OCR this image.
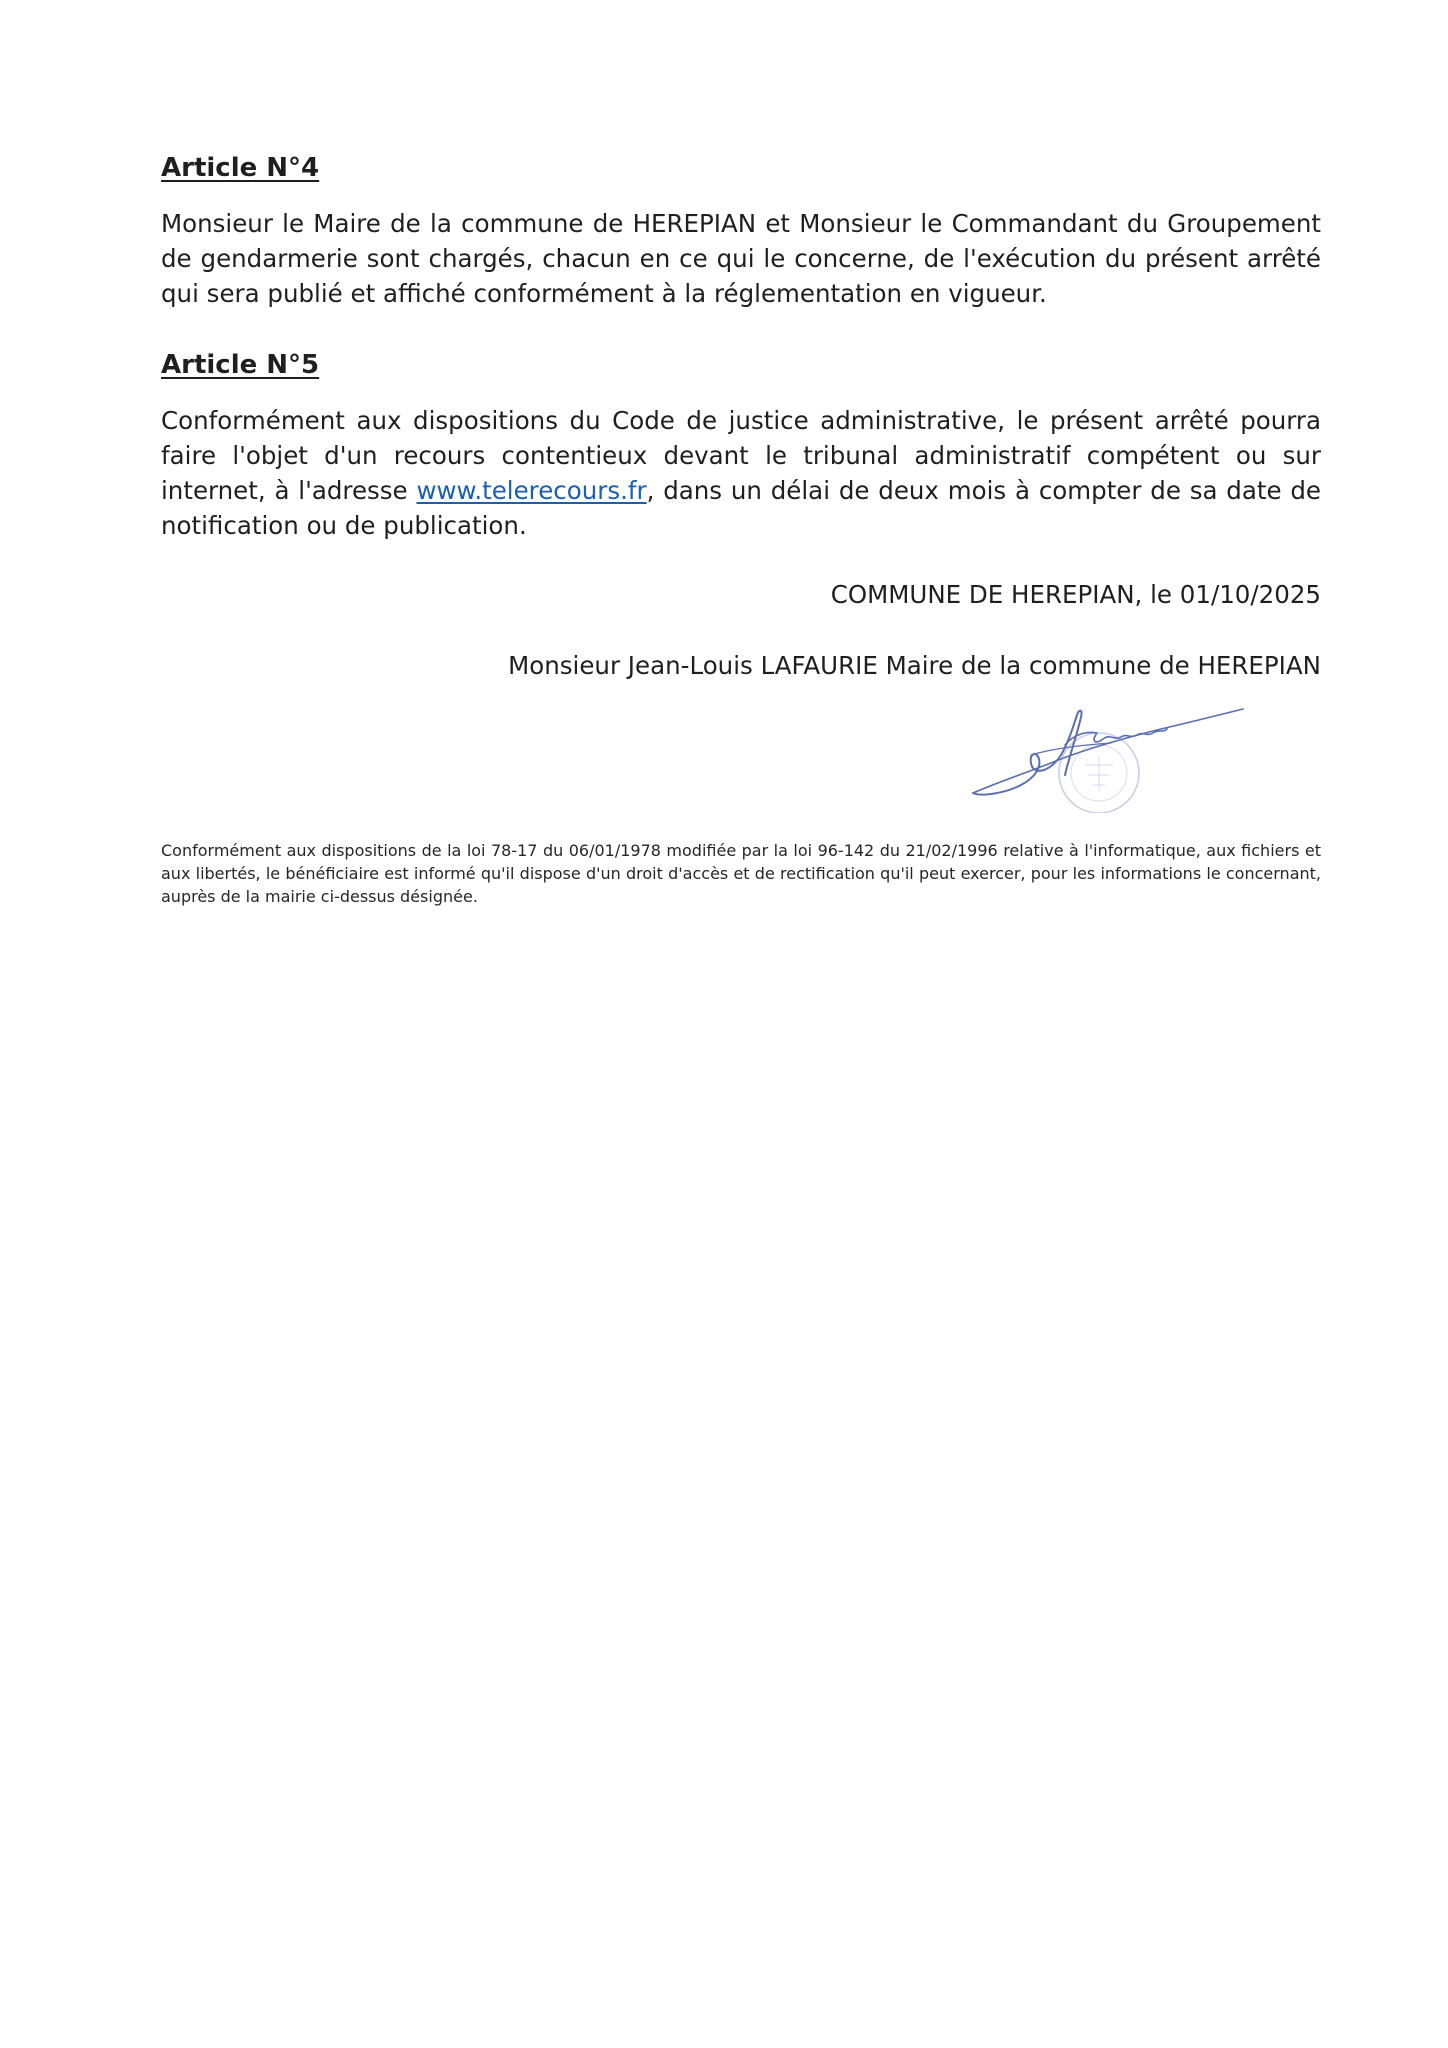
Article N°4

Monsieur le Maire de la commune de HEREPIAN et Monsieur le Commandant du Groupement de gendarmerie sont chargés, chacun en ce qui le concerne, de l'exécution du présent arrêté qui sera publié et affiché conformément à la réglementation en vigueur.

Article N°5

Conformément aux dispositions du Code de justice administrative, le présent arrêté pourra faire l'objet d'un recours contentieux devant le tribunal administratif compétent ou sur internet, à l'adresse www.telerecours.fr, dans un délai de deux mois à compter de sa date de notification ou de publication.

COMMUNE DE HEREPIAN, le 01/10/2025

Monsieur Jean-Louis LAFAURIE Maire de la commune de HEREPIAN

Conformément aux dispositions de la loi 78-17 du 06/01/1978 modifiée par la loi 96-142 du 21/02/1996 relative à l'informatique, aux fichiers et aux libertés, le bénéficiaire est informé qu'il dispose d'un droit d'accès et de rectification qu'il peut exercer, pour les informations le concernant, auprès de la mairie ci-dessus désignée.
